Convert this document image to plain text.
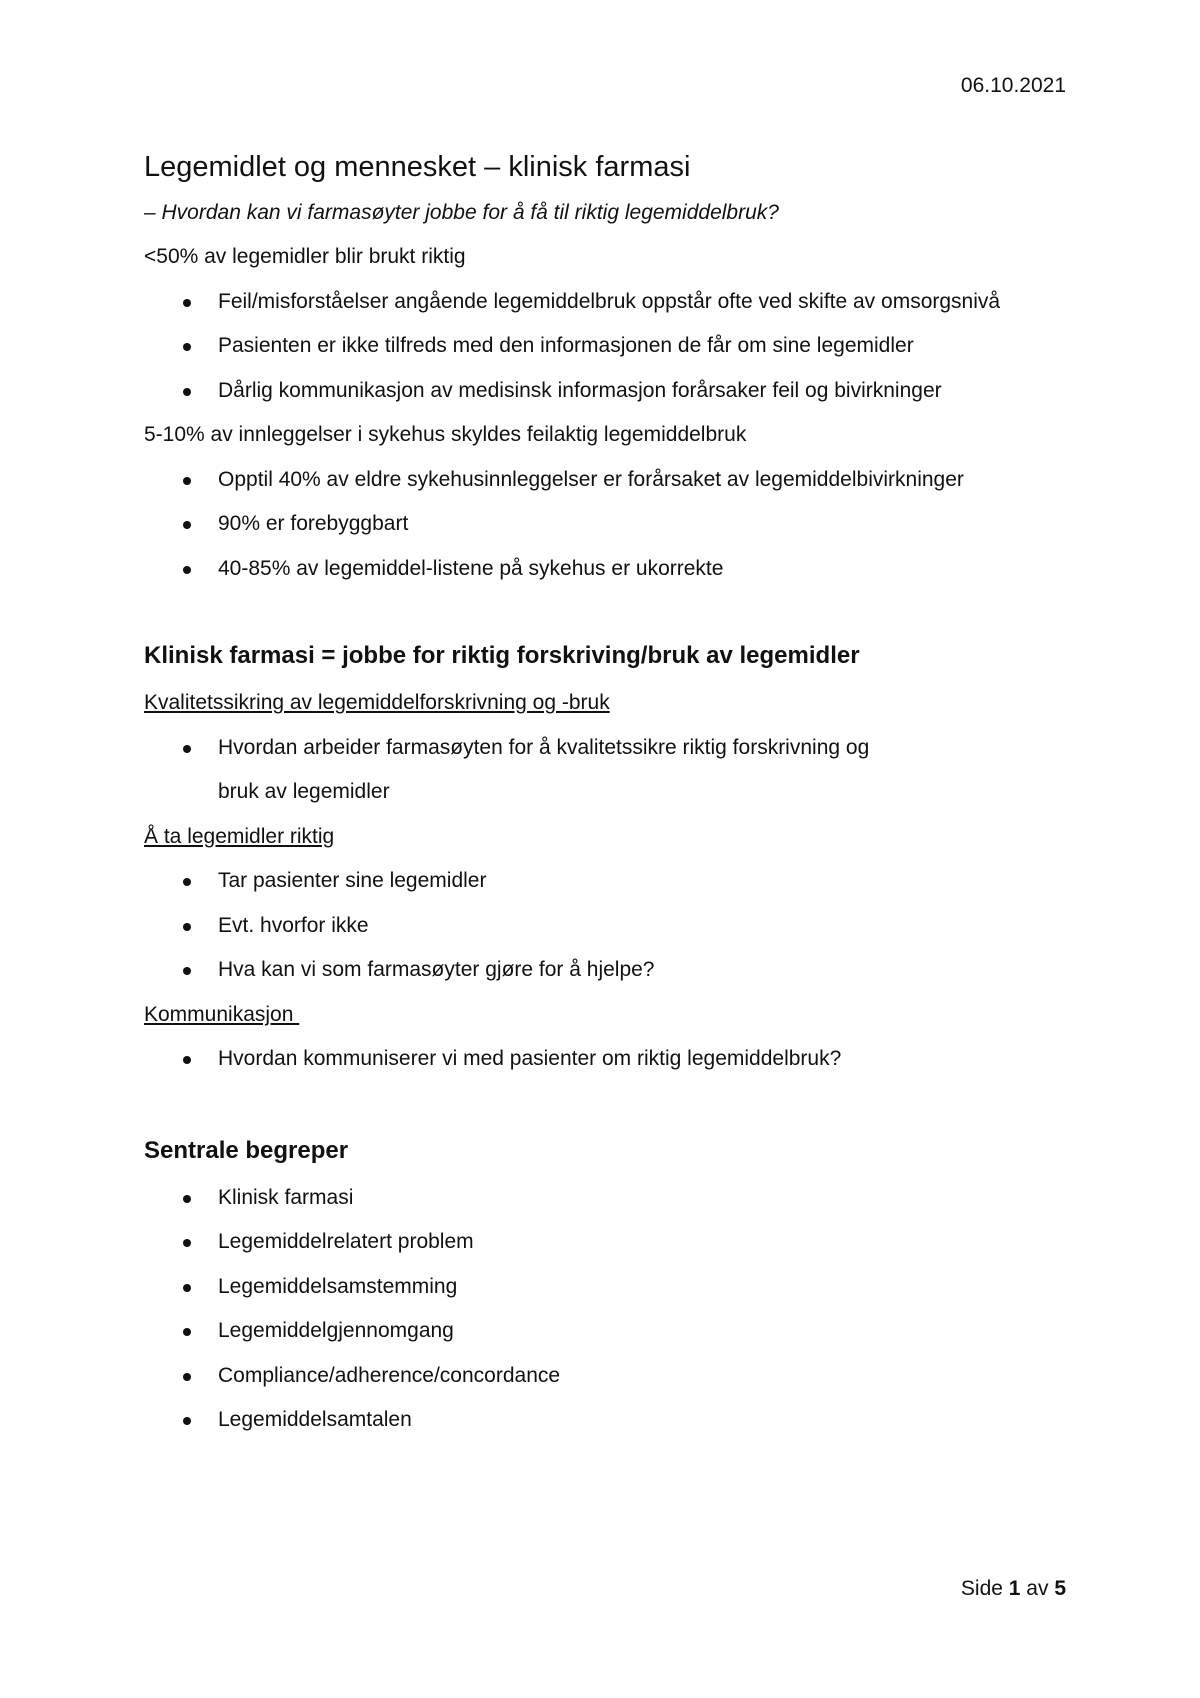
06.10.2021
Legemidlet og mennesket – klinisk farmasi
– Hvordan kan vi farmasøyter jobbe for å få til riktig legemiddelbruk?
<50% av legemidler blir brukt riktig
Feil/misforståelser angående legemiddelbruk oppstår ofte ved skifte av omsorgsnivå
Pasienten er ikke tilfreds med den informasjonen de får om sine legemidler
Dårlig kommunikasjon av medisinsk informasjon forårsaker feil og bivirkninger
5-10% av innleggelser i sykehus skyldes feilaktig legemiddelbruk
Opptil 40% av eldre sykehusinnleggelser er forårsaket av legemiddelbivirkninger
90% er forebyggbart
40-85% av legemiddel-listene på sykehus er ukorrekte
Klinisk farmasi = jobbe for riktig forskriving/bruk av legemidler
Kvalitetssikring av legemiddelforskrivning og -bruk
Hvordan arbeider farmasøyten for å kvalitetssikre riktig forskrivning og bruk av legemidler
Å ta legemidler riktig
Tar pasienter sine legemidler
Evt. hvorfor ikke
Hva kan vi som farmasøyter gjøre for å hjelpe?
Kommunikasjon
Hvordan kommuniserer vi med pasienter om riktig legemiddelbruk?
Sentrale begreper
Klinisk farmasi
Legemiddelrelatert problem
Legemiddelsamstemming
Legemiddelgjennomgang
Compliance/adherence/concordance
Legemiddelsamtalen
Side 1 av 5
